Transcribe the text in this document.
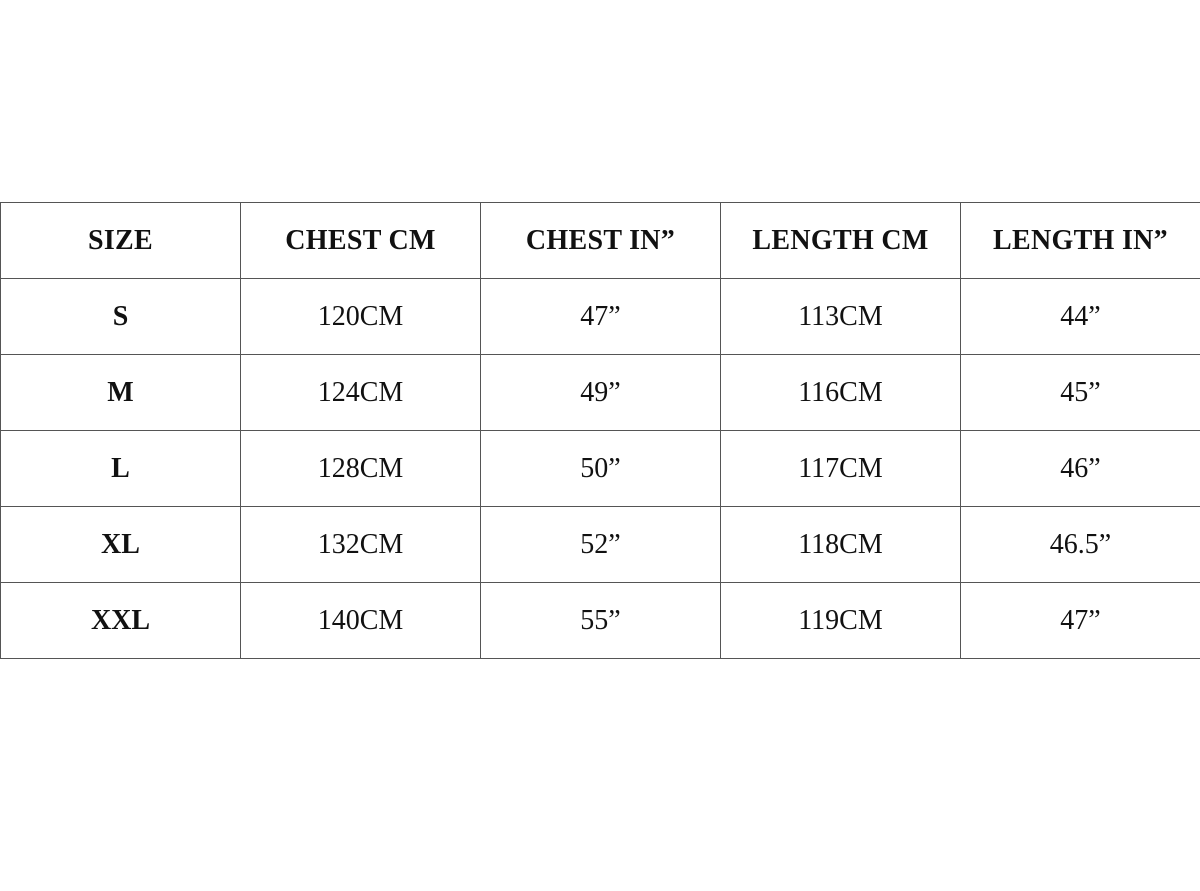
SIZE	CHEST CM	CHEST IN”	LENGTH CM	LENGTH IN”
S	120CM	47”	113CM	44”
M	124CM	49”	116CM	45”
L	128CM	50”	117CM	46”
XL	132CM	52”	118CM	46.5”
XXL	140CM	55”	119CM	47”
